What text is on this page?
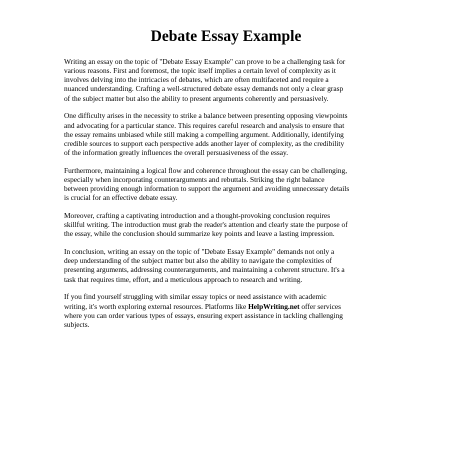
Debate Essay Example

Writing an essay on the topic of "Debate Essay Example" can prove to be a challenging task for
various reasons. First and foremost, the topic itself implies a certain level of complexity as it
involves delving into the intricacies of debates, which are often multifaceted and require a
nuanced understanding. Crafting a well-structured debate essay demands not only a clear grasp
of the subject matter but also the ability to present arguments coherently and persuasively.

One difficulty arises in the necessity to strike a balance between presenting opposing viewpoints
and advocating for a particular stance. This requires careful research and analysis to ensure that
the essay remains unbiased while still making a compelling argument. Additionally, identifying
credible sources to support each perspective adds another layer of complexity, as the credibility
of the information greatly influences the overall persuasiveness of the essay.

Furthermore, maintaining a logical flow and coherence throughout the essay can be challenging,
especially when incorporating counterarguments and rebuttals. Striking the right balance
between providing enough information to support the argument and avoiding unnecessary details
is crucial for an effective debate essay.

Moreover, crafting a captivating introduction and a thought-provoking conclusion requires
skillful writing. The introduction must grab the reader's attention and clearly state the purpose of
the essay, while the conclusion should summarize key points and leave a lasting impression.

In conclusion, writing an essay on the topic of "Debate Essay Example" demands not only a
deep understanding of the subject matter but also the ability to navigate the complexities of
presenting arguments, addressing counterarguments, and maintaining a coherent structure. It's a
task that requires time, effort, and a meticulous approach to research and writing.

If you find yourself struggling with similar essay topics or need assistance with academic
writing, it's worth exploring external resources. Platforms like HelpWriting.net offer services
where you can order various types of essays, ensuring expert assistance in tackling challenging
subjects.
